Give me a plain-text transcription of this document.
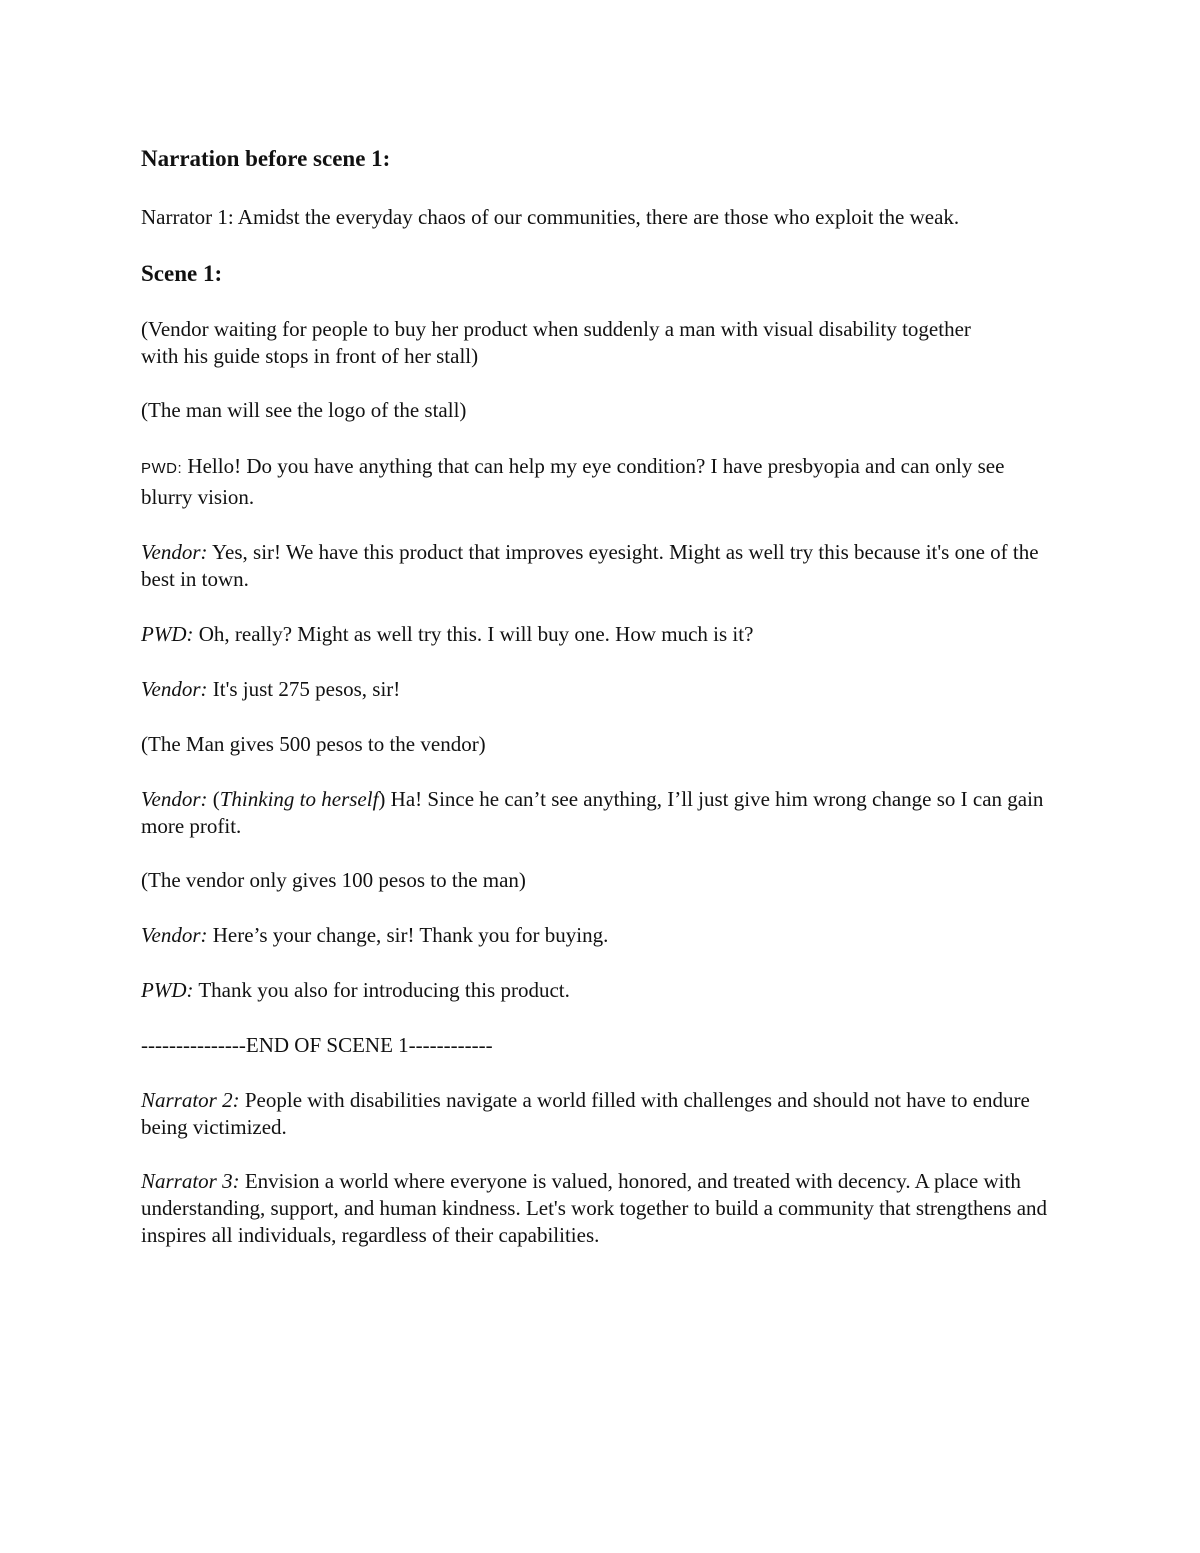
Narration before scene 1:

Narrator 1: Amidst the everyday chaos of our communities, there are those who exploit the weak.

Scene 1:

(Vendor waiting for people to buy her product when suddenly a man with visual disability together with his guide stops in front of her stall)

(The man will see the logo of the stall)

PWD: Hello! Do you have anything that can help my eye condition? I have presbyopia and can only see blurry vision.

Vendor: Yes, sir! We have this product that improves eyesight. Might as well try this because it's one of the best in town.

PWD: Oh, really? Might as well try this. I will buy one. How much is it?

Vendor: It's just 275 pesos, sir!

(The Man gives 500 pesos to the vendor)

Vendor: (Thinking to herself) Ha! Since he can’t see anything, I’ll just give him wrong change so I can gain more profit.

(The vendor only gives 100 pesos to the man)

Vendor: Here’s your change, sir! Thank you for buying.

PWD: Thank you also for introducing this product.

---------------END OF SCENE 1------------

Narrator 2: People with disabilities navigate a world filled with challenges and should not have to endure being victimized.

Narrator 3: Envision a world where everyone is valued, honored, and treated with decency. A place with understanding, support, and human kindness. Let's work together to build a community that strengthens and inspires all individuals, regardless of their capabilities.
